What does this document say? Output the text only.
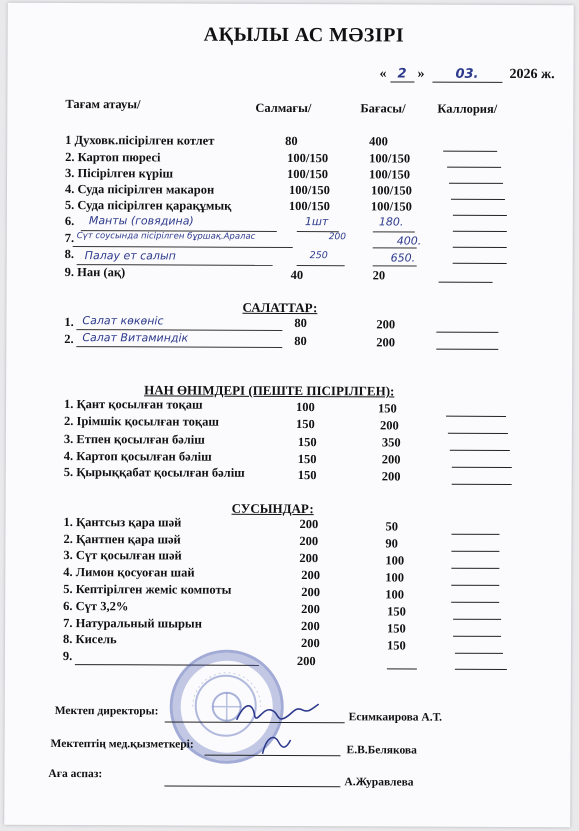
АҚЫЛЫ АС МӘЗІРІ
« 2 » 03. 2026 ж.
Тағам атауы/	Салмағы/	Бағасы/	Каллория/
1 Духовк.пісірілген котлет	80	400
2. Картоп пюресі	100/150	100/150
3. Пісірілген күріш	100/150	100/150
4. Суда пісірілген макарон	100/150	100/150
5. Суда пісірілген қарақұмық	100/150	100/150
6. Манты (говядина)	1шт	180.
7. Сүт соусында пісірілген бұршақ.Аралас	200	400.
8. Палау ет салып	250	650.
9. Нан (ақ)	40	20
САЛАТТАР:
1. Салат көкөніс	80	200
2. Салат Витаминдік	80	200
НАН ӨНІМДЕРІ (ПЕШТЕ ПІСІРІЛГЕН):
1. Қант қосылған тоқаш	100	150
2. Ірімшік қосылған тоқаш	150	200
3. Етпен қосылған бәліш	150	350
4. Картоп қосылған бәліш	150	200
5. Қырыққабат қосылған бәліш	150	200
СУСЫНДАР:
1. Қантсыз қара шәй	200	50
2. Қантпен қара шәй	200	90
3. Сүт қосылған шәй	200	100
4. Лимон қосуоған шай	200	100
5. Кептірілген жеміс компоты	200	100
6. Сүт 3,2%	200	150
7. Натуральный шырын	200	150
8. Кисель	200	150
9.	200
Мектеп директоры:
Есимкаирова А.Т.
Мектептің мед.қызметкері:	Е.В.Белякова
Аға аспаз:
А.Журавлева
